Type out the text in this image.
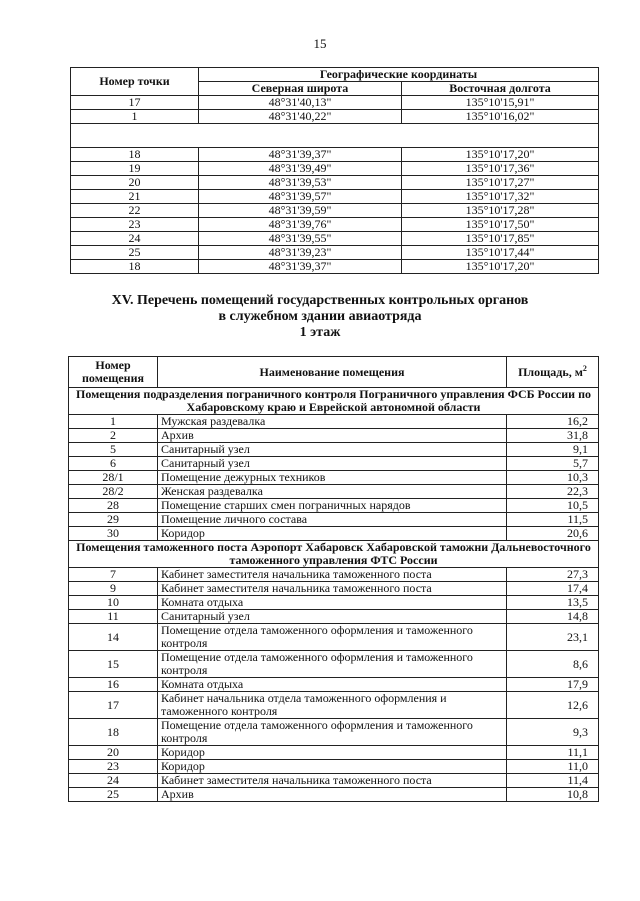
15
Номер точки	Географические координаты	
	Северная широта	Восточная долгота
17	48°31'40,13"	135°10'15,91"
1	48°31'40,22"	135°10'16,02"

18	48°31'39,37"	135°10'17,20"
19	48°31'39,49"	135°10'17,36"
20	48°31'39,53"	135°10'17,27"
21	48°31'39,57"	135°10'17,32"
22	48°31'39,59"	135°10'17,28"
23	48°31'39,76"	135°10'17,50"
24	48°31'39,55"	135°10'17,85"
25	48°31'39,23"	135°10'17,44"
18	48°31'39,37"	135°10'17,20"
XV. Перечень помещений государственных контрольных органов
в служебном здании авиаотряда
1 этаж
Номер помещения	Наименование помещения	Площадь, $м^2$
Помещения подразделения пограничного контроля Пограничного управления ФСБ России по Хабаровскому краю и Еврейской автономной области		
1	Мужская раздевалка	16,2
2	Архив	31,8
5	Санитарный узел	9,1
6	Санитарный узел	5,7
28/1	Помещение дежурных техников	10,3
28/2	Женская раздевалка	22,3
28	Помещение старших смен пограничных нарядов	10,5
29	Помещение личного состава	11,5
30	Коридор	20,6
Помещения таможенного поста Аэропорт Хабаровск Хабаровской таможни Дальневосточного таможенного управления ФТС России		
7	Кабинет заместителя начальника таможенного поста	27,3
9	Кабинет заместителя начальника таможенного поста	17,4
10	Комната отдыха	13,5
11	Санитарный узел	14,8
14	Помещение отдела таможенного оформления и таможенного контроля	23,1
15	Помещение отдела таможенного оформления и таможенного контроля	8,6
16	Комната отдыха	17,9
17	Кабинет начальника отдела таможенного оформления и таможенного контроля	12,6
18	Помещение отдела таможенного оформления и таможенного контроля	9,3
20	Коридор	11,1
23	Коридор	11,0
24	Кабинет заместителя начальника таможенного поста	11,4
25	Архив	10,8
